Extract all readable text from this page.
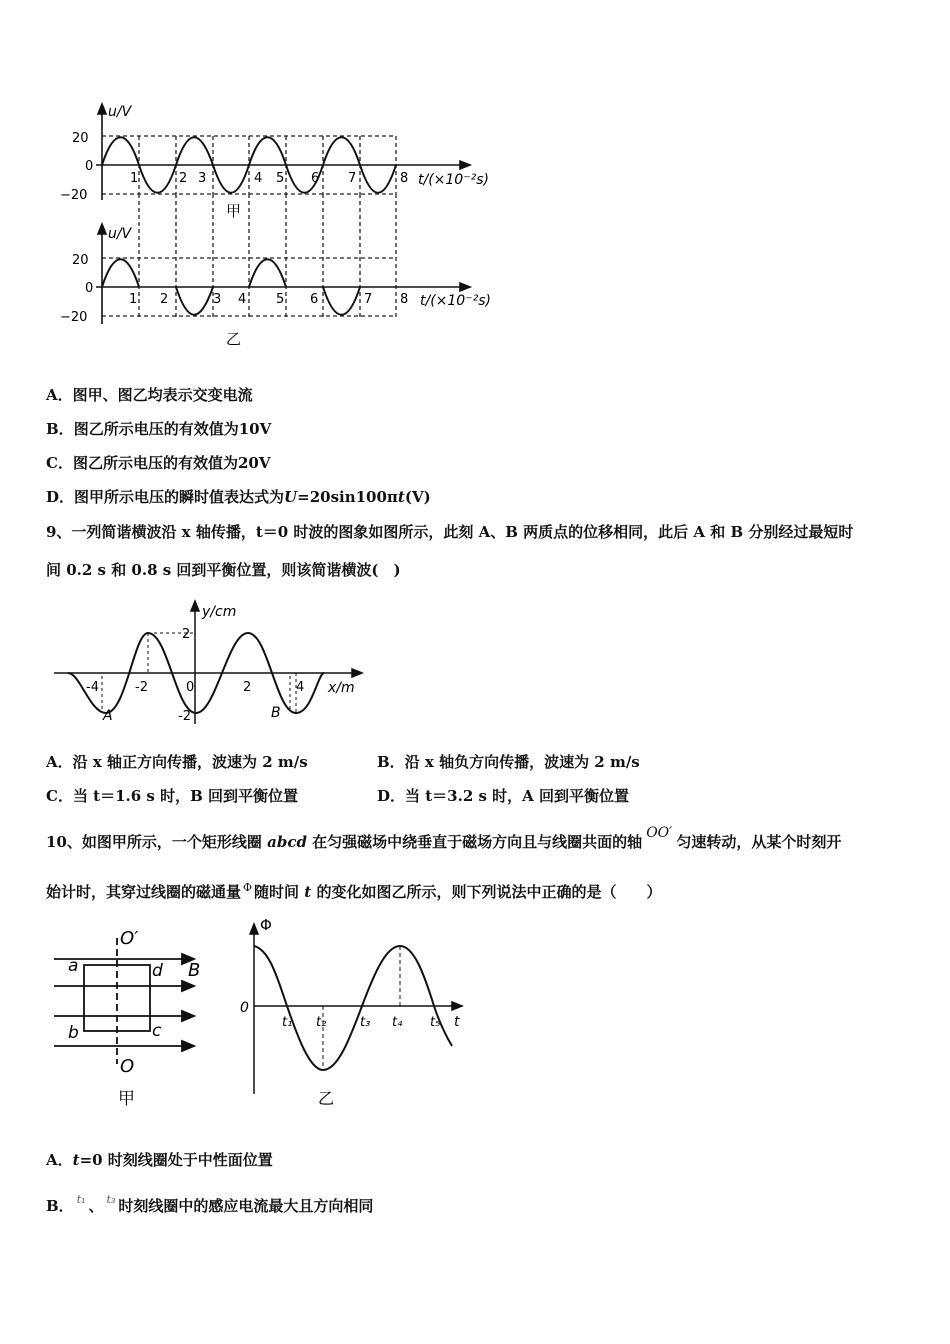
u/V
20
0
−20
1	2 3	4 5 6 7	8 t/(×10⁻²s)
甲
u/V
20
0
−20
1 2	3 4 5 6	7 8 t/(×10⁻²s)
乙
A．图甲、图乙均表示交变电流
B．图乙所示电压的有效值为10V
C．图乙所示电压的有效值为20V
D．图甲所示电压的瞬时值表达式为U=20sin100πt(V)
9、一列简谐横波沿 x 轴传播，t＝0 时波的图象如图所示，此刻 A、B 两质点的位移相同，此后 A 和 B 分别经过最短时
间 0.2 s 和 0.8 s 回到平衡位置，则该简谐横波(　)
y/cm
x/m
-4	-2	0	2	4
2
-2
A	B
A．沿 x 轴正方向传播，波速为 2 m/s	B．沿 x 轴负方向传播，波速为 2 m/s
C．当 t＝1.6 s 时，B 回到平衡位置	D．当 t＝3.2 s 时，A 回到平衡位置
10、如图甲所示，一个矩形线圈 abcd 在匀强磁场中绕垂直于磁场方向且与线圈共面的轴 OO′ 匀速转动，从某个时刻开
始计时，其穿过线圈的磁通量 $^\Phi$ 随时间 t 的变化如图乙所示，则下列说法中正确的是（　　）
O′
O
a	d
b	c
B
甲
Φ
0
t₁ t₂	t₃ t₄ t₅ t
乙
A．t=0 时刻线圈处于中性面位置
B． $^{t_1}$ 、 $^{t_3}$ 时刻线圈中的感应电流最大且方向相同
